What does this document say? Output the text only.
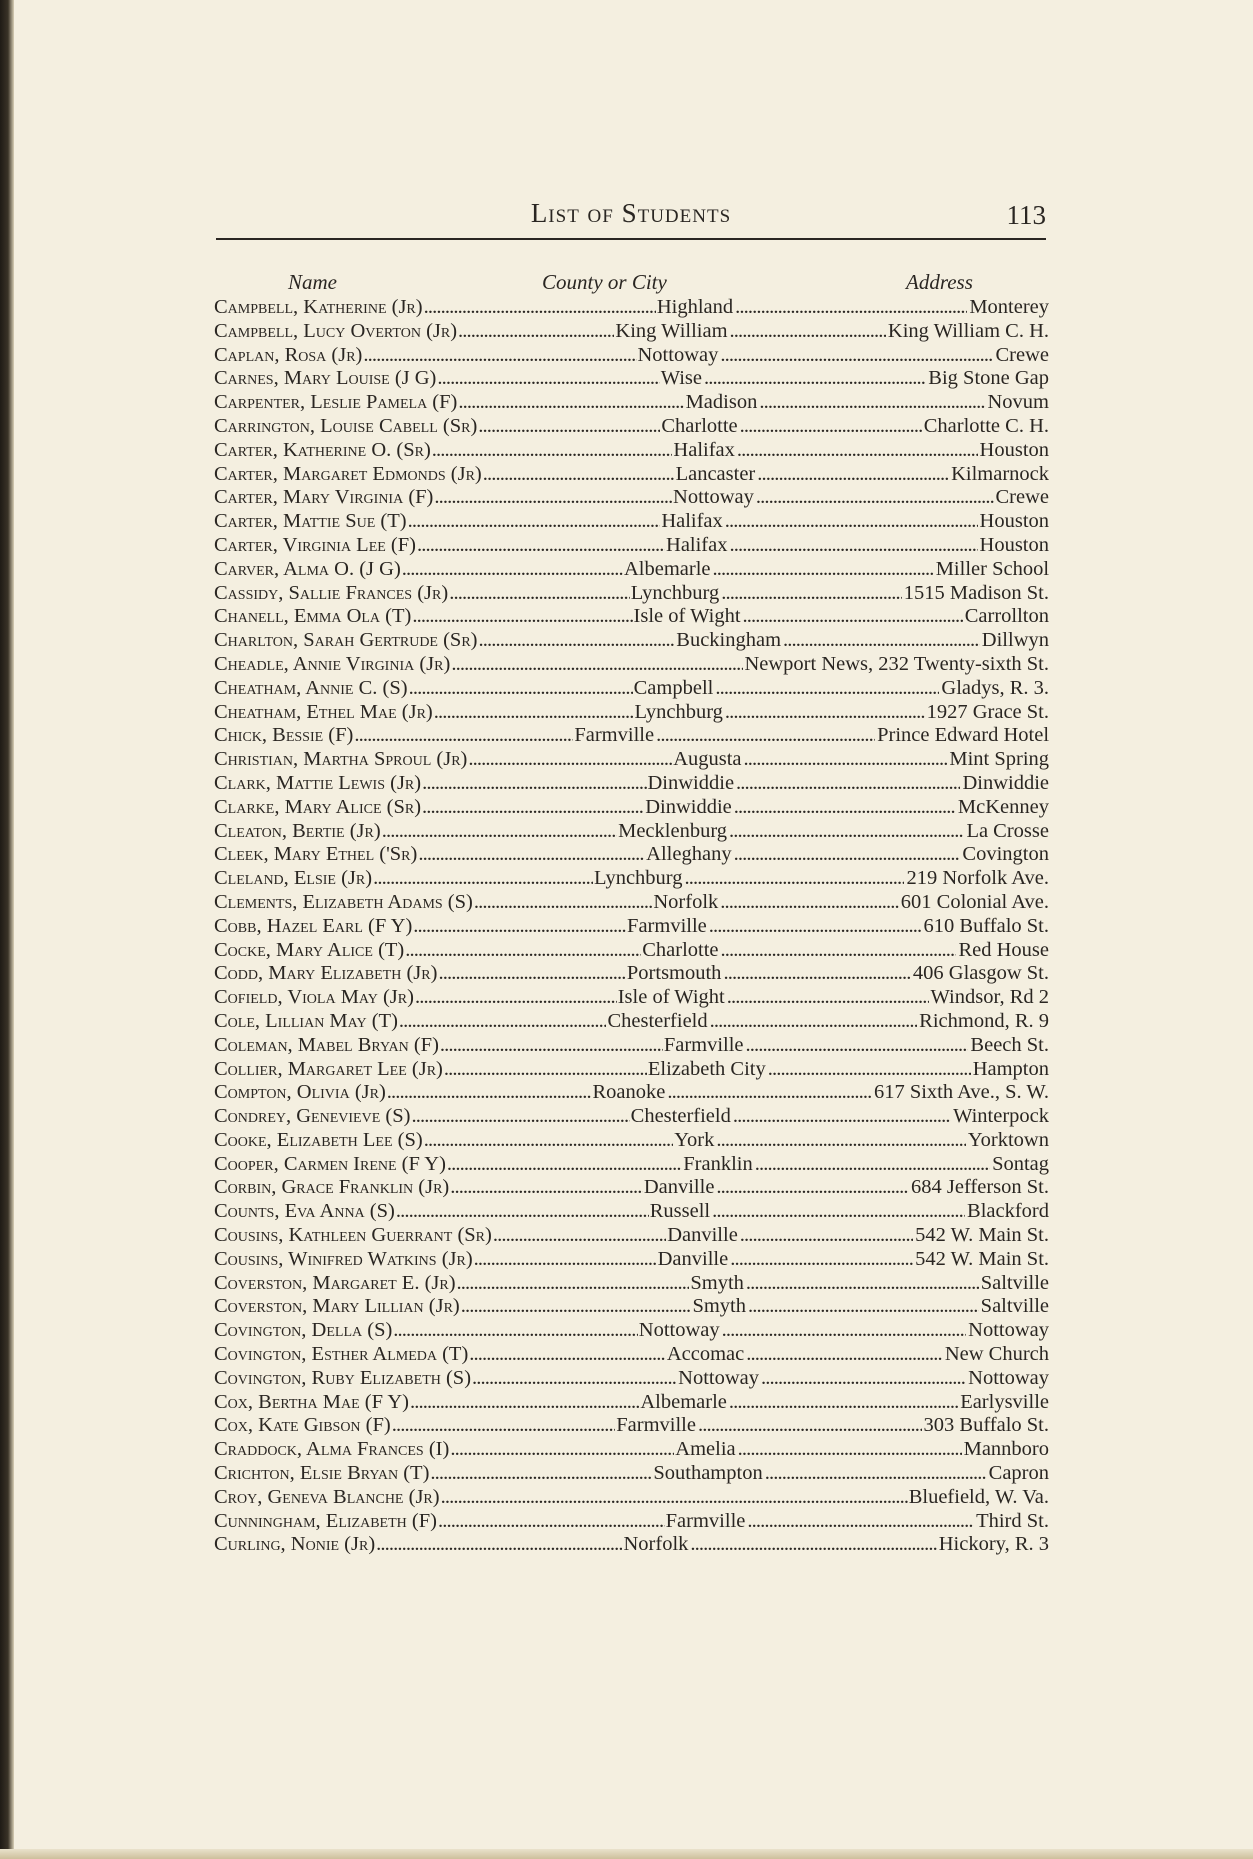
List of Students	113
Name	County or City	Address
Campbell, Katherine (Jr) . . .	Highland . . .	Monterey
Campbell, Lucy Overton (Jr) . . .	King William . . .	King William C. H.
Caplan, Rosa (Jr) . . .	Nottoway . . .	Crewe
Carnes, Mary Louise (J G) . . .	Wise . . .	Big Stone Gap
Carpenter, Leslie Pamela (F) . . .	Madison . . .	Novum
Carrington, Louise Cabell (Sr) . . .	Charlotte . . .	Charlotte C. H.
Carter, Katherine O. (Sr) . . .	Halifax . . .	Houston
Carter, Margaret Edmonds (Jr) . . .	Lancaster . . .	Kilmarnock
Carter, Mary Virginia (F) . . .	Nottoway . . .	Crewe
Carter, Mattie Sue (T) . . .	Halifax . . .	Houston
Carter, Virginia Lee (F) . . .	Halifax . . .	Houston
Carver, Alma O. (J G) . . .	Albemarle . . .	Miller School
Cassidy, Sallie Frances (Jr) . . .	Lynchburg . . .	1515 Madison St.
Chanell, Emma Ola (T) . . .	Isle of Wight . . .	Carrollton
Charlton, Sarah Gertrude (Sr) . . .	Buckingham . . .	Dillwyn
Cheadle, Annie Virginia (Jr) . . .	Newport News, 232 Twenty-sixth St.
Cheatham, Annie C. (S) . . .	Campbell . . .	Gladys, R. 3.
Cheatham, Ethel Mae (Jr) . . .	Lynchburg . . .	1927 Grace St.
Chick, Bessie (F) . . .	Farmville . . .	Prince Edward Hotel
Christian, Martha Sproul (Jr) . . .	Augusta . . .	Mint Spring
Clark, Mattie Lewis (Jr) . . .	Dinwiddie . . .	Dinwiddie
Clarke, Mary Alice (Sr) . . .	Dinwiddie . . .	McKenney
Cleaton, Bertie (Jr) . . .	Mecklenburg . . .	La Crosse
Cleek, Mary Ethel ('Sr) . . .	Alleghany . . .	Covington
Cleland, Elsie (Jr) . . .	Lynchburg . . .	219 Norfolk Ave.
Clements, Elizabeth Adams (S) . . .	Norfolk . . .	601 Colonial Ave.
Cobb, Hazel Earl (F Y) . . .	Farmville . . .	610 Buffalo St.
Cocke, Mary Alice (T) . . .	Charlotte . . .	Red House
Codd, Mary Elizabeth (Jr) . . .	Portsmouth . . .	406 Glasgow St.
Cofield, Viola May (Jr) . . .	Isle of Wight . . .	Windsor, Rd 2
Cole, Lillian May (T) . . .	Chesterfield . . .	Richmond, R. 9
Coleman, Mabel Bryan (F) . . .	Farmville . . .	Beech St.
Collier, Margaret Lee (Jr) . . .	Elizabeth City . . .	Hampton
Compton, Olivia (Jr) . . .	Roanoke . . .	617 Sixth Ave., S. W.
Condrey, Genevieve (S) . . .	Chesterfield . . .	Winterpock
Cooke, Elizabeth Lee (S) . . .	York . . .	Yorktown
Cooper, Carmen Irene (F Y) . . .	Franklin . . .	Sontag
Corbin, Grace Franklin (Jr) . . .	Danville . . .	684 Jefferson St.
Counts, Eva Anna (S) . . .	Russell . . .	Blackford
Cousins, Kathleen Guerrant (Sr) . . .	Danville . . .	542 W. Main St.
Cousins, Winifred Watkins (Jr) . . .	Danville . . .	542 W. Main St.
Coverston, Margaret E. (Jr) . . .	Smyth . . .	Saltville
Coverston, Mary Lillian (Jr) . . .	Smyth . . .	Saltville
Covington, Della (S) . . .	Nottoway . . .	Nottoway
Covington, Esther Almeda (T) . . .	Accomac . . .	New Church
Covington, Ruby Elizabeth (S) . . .	Nottoway . . .	Nottoway
Cox, Bertha Mae (F Y) . . .	Albemarle . . .	Earlysville
Cox, Kate Gibson (F) . . .	Farmville . . .	303 Buffalo St.
Craddock, Alma Frances (I) . . .	Amelia . . .	Mannboro
Crichton, Elsie Bryan (T) . . .	Southampton . . .	Capron
Croy, Geneva Blanche (Jr) . . .	Bluefield, W. Va.
Cunningham, Elizabeth (F) . . .	Farmville . . .	Third St.
Curling, Nonie (Jr) . . .	Norfolk . . .	Hickory, R. 3
